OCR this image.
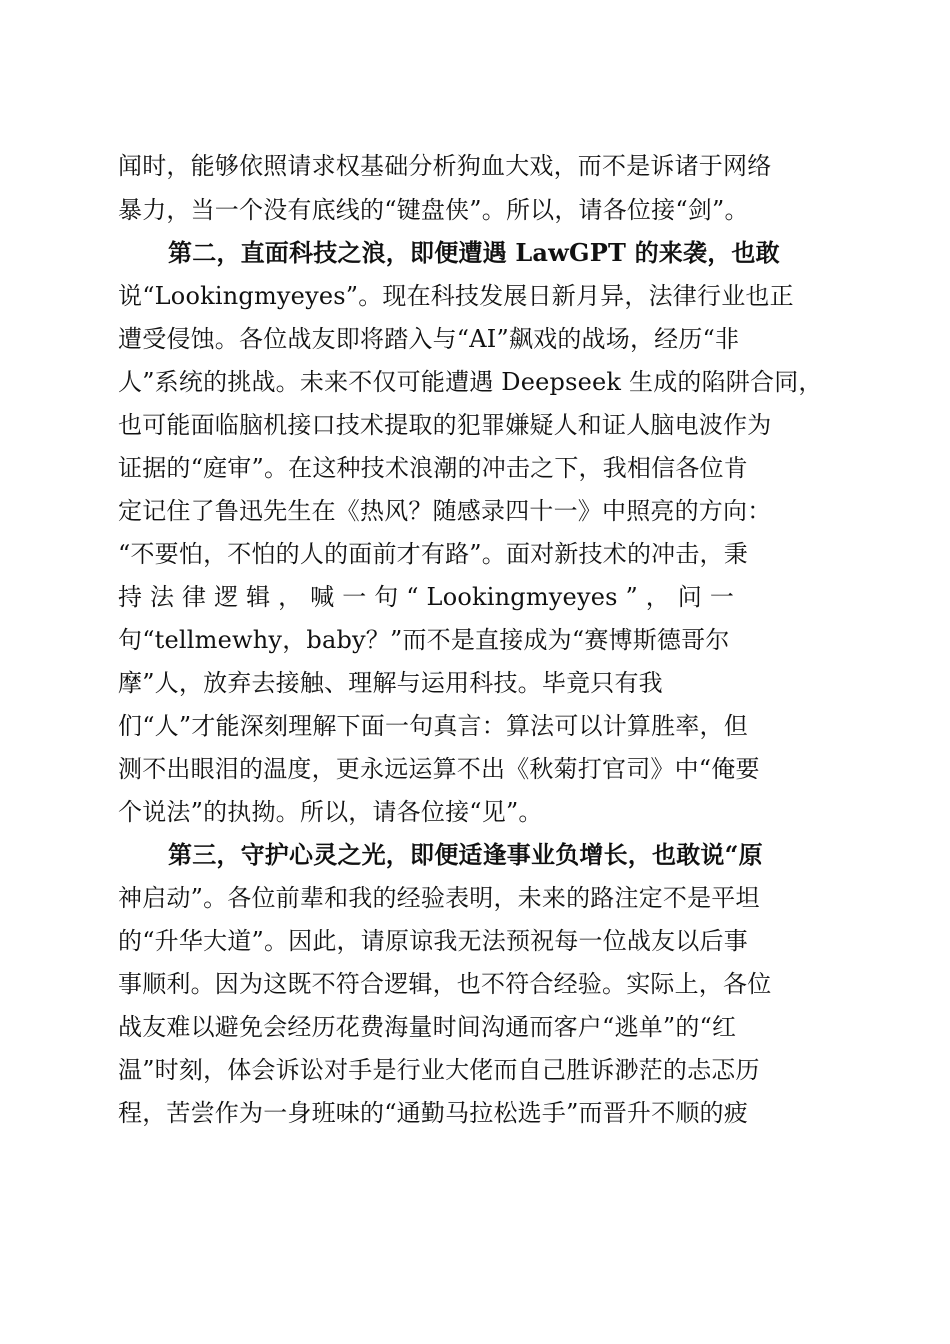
闻时，能够依照请求权基础分析狗血大戏，而不是诉诸于网络
暴力，当一个没有底线的“键盘侠”。所以，请各位接“剑”。
第二，直面科技之浪，即便遭遇 LawGPT 的来袭，也敢
说“Lookingmyeyes”。现在科技发展日新月异，法律行业也正
遭受侵蚀。各位战友即将踏入与“AI”飙戏的战场，经历“非
人”系统的挑战。未来不仅可能遭遇 Deepseek 生成的陷阱合同，
也可能面临脑机接口技术提取的犯罪嫌疑人和证人脑电波作为
证据的“庭审”。在这种技术浪潮的冲击之下，我相信各位肯
定记住了鲁迅先生在《热风？随感录四十一》中照亮的方向：
“不要怕，不怕的人的面前才有路”。面对新技术的冲击，秉
持 法 律 逻 辑 ， 喊 一 句 “ Lookingmyeyes ” ， 问 一
句“tellmewhy，baby？”而不是直接成为“赛博斯德哥尔
摩”人，放弃去接触、理解与运用科技。毕竟只有我
们“人”才能深刻理解下面一句真言：算法可以计算胜率，但
测不出眼泪的温度，更永远运算不出《秋菊打官司》中“俺要
个说法”的执拗。所以，请各位接“见”。
第三，守护心灵之光，即便适逢事业负增长，也敢说“原
神启动”。各位前辈和我的经验表明，未来的路注定不是平坦
的“升华大道”。因此，请原谅我无法预祝每一位战友以后事
事顺利。因为这既不符合逻辑，也不符合经验。实际上，各位
战友难以避免会经历花费海量时间沟通而客户“逃单”的“红
温”时刻，体会诉讼对手是行业大佬而自己胜诉渺茫的忐忑历
程，苦尝作为一身班味的“通勤马拉松选手”而晋升不顺的疲
